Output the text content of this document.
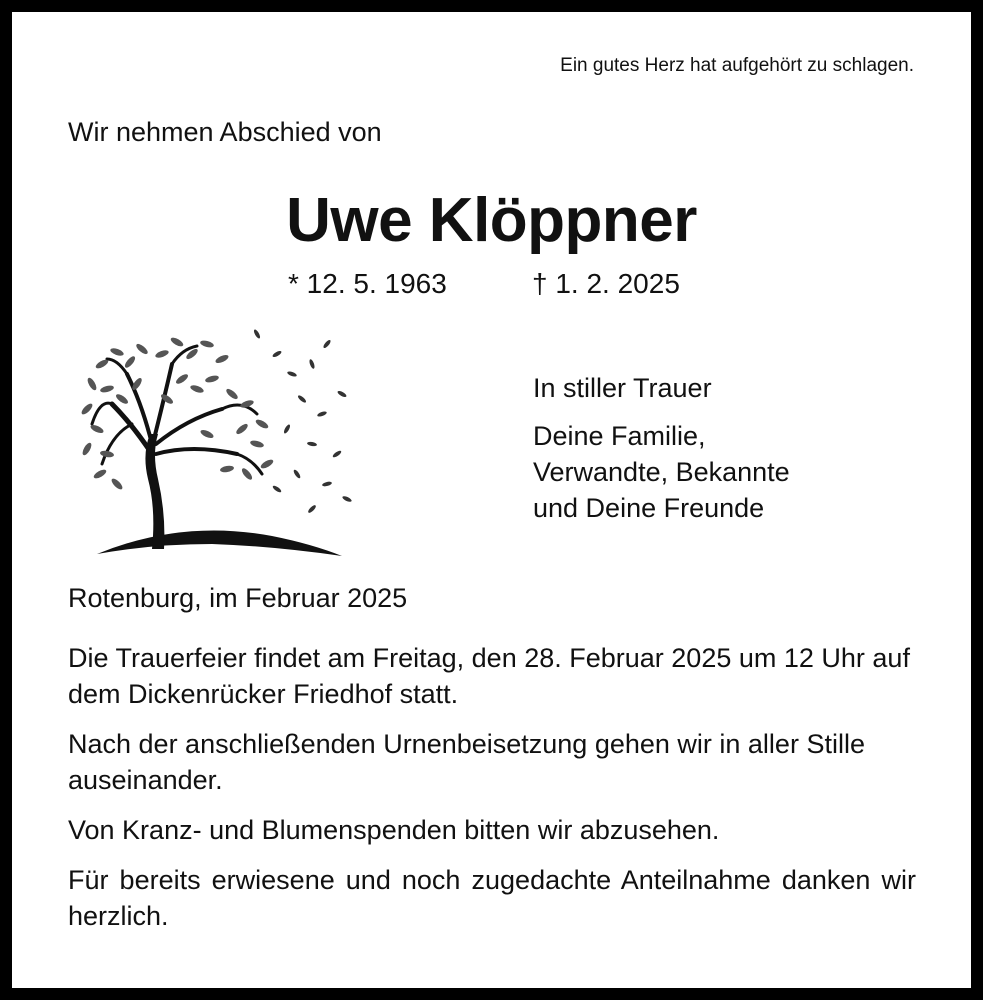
Ein gutes Herz hat aufgehört zu schlagen.
Wir nehmen Abschied von
Uwe Klöppner
* 12. 5. 1963	† 1. 2. 2025
In stiller Trauer
Deine Familie,
Verwandte, Bekannte
und Deine Freunde
Rotenburg, im Februar 2025

Die Trauerfeier findet am Freitag, den 28. Februar 2025 um 12 Uhr auf dem Dickenrücker Friedhof statt.

Nach der anschließenden Urnenbeisetzung gehen wir in aller Stille auseinander.

Von Kranz- und Blumenspenden bitten wir abzusehen.

Für bereits erwiesene und noch zugedachte Anteilnahme danken wir herzlich.
